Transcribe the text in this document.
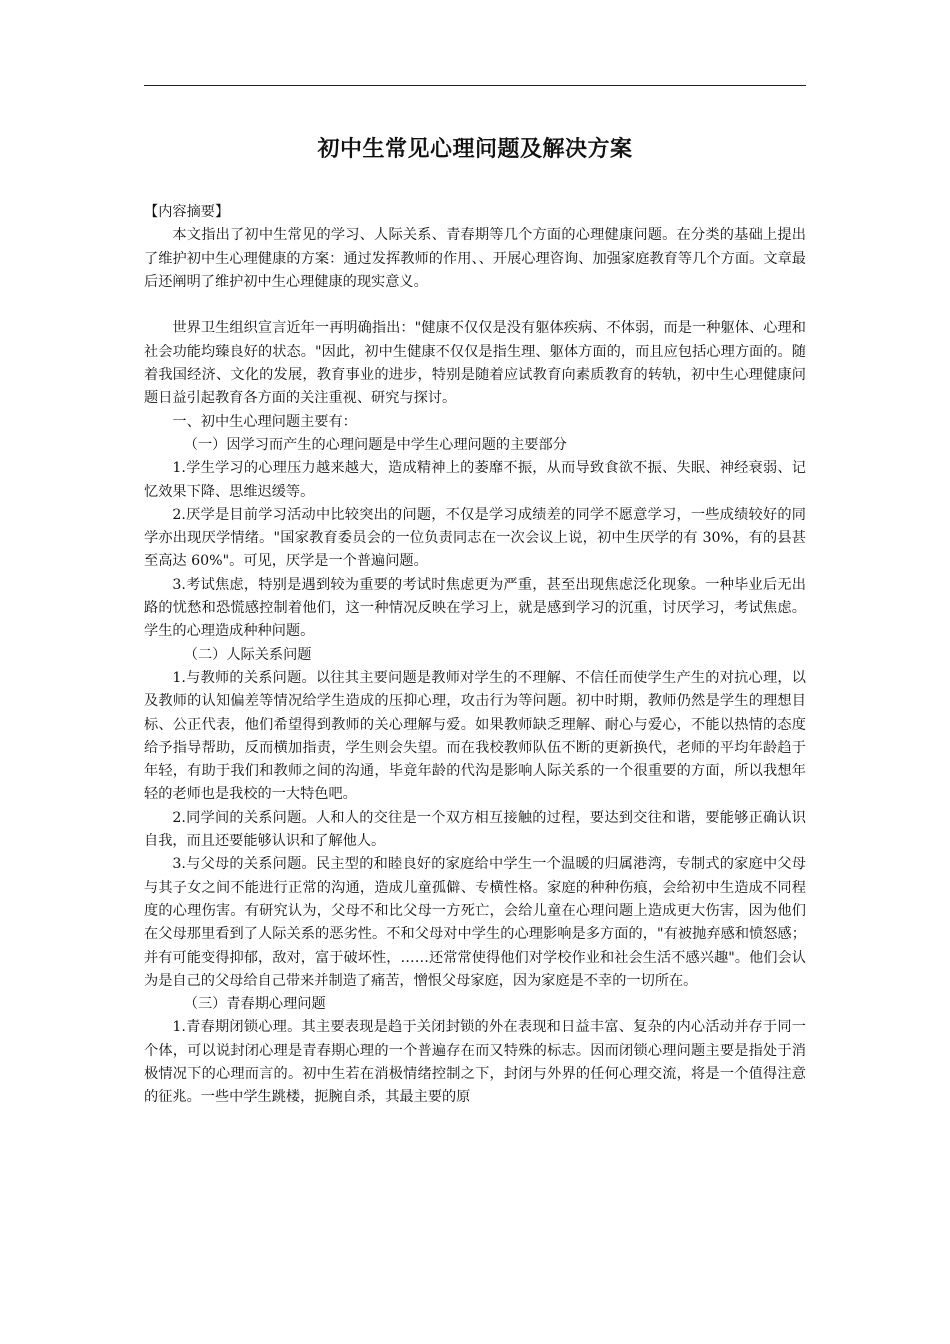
初中生常见心理问题及解决方案

【内容摘要】

本文指出了初中生常见的学习、人际关系、青春期等几个方面的心理健康问题。在分类的基础上提出了维护初中生心理健康的方案：通过发挥教师的作用、、开展心理咨询、加强家庭教育等几个方面。文章最后还阐明了维护初中生心理健康的现实意义。

世界卫生组织宣言近年一再明确指出："健康不仅仅是没有躯体疾病、不体弱，而是一种躯体、心理和社会功能均臻良好的状态。"因此，初中生健康不仅仅是指生理、躯体方面的，而且应包括心理方面的。随着我国经济、文化的发展，教育事业的进步，特别是随着应试教育向素质教育的转轨，初中生心理健康问题日益引起教育各方面的关注重视、研究与探讨。

一、初中生心理问题主要有：

（一）因学习而产生的心理问题是中学生心理问题的主要部分

1.学生学习的心理压力越来越大，造成精神上的萎靡不振，从而导致食欲不振、失眠、神经衰弱、记忆效果下降、思维迟缓等。

2.厌学是目前学习活动中比较突出的问题，不仅是学习成绩差的同学不愿意学习，一些成绩较好的同学亦出现厌学情绪。"国家教育委员会的一位负责同志在一次会议上说，初中生厌学的有 30%，有的县甚至高达 60%"。可见，厌学是一个普遍问题。

3.考试焦虑，特别是遇到较为重要的考试时焦虑更为严重，甚至出现焦虑泛化现象。一种毕业后无出路的忧愁和恐慌感控制着他们，这一种情况反映在学习上，就是感到学习的沉重，讨厌学习，考试焦虑。学生的心理造成种种问题。

（二）人际关系问题

1.与教师的关系问题。以往其主要问题是教师对学生的不理解、不信任而使学生产生的对抗心理，以及教师的认知偏差等情况给学生造成的压抑心理，攻击行为等问题。初中时期，教师仍然是学生的理想目标、公正代表，他们希望得到教师的关心理解与爱。如果教师缺乏理解、耐心与爱心，不能以热情的态度给予指导帮助，反而横加指责，学生则会失望。而在我校教师队伍不断的更新换代，老师的平均年龄趋于年轻，有助于我们和教师之间的沟通，毕竟年龄的代沟是影响人际关系的一个很重要的方面，所以我想年轻的老师也是我校的一大特色吧。

2.同学间的关系问题。人和人的交往是一个双方相互接触的过程，要达到交往和谐，要能够正确认识自我，而且还要能够认识和了解他人。

3.与父母的关系问题。民主型的和睦良好的家庭给中学生一个温暖的归属港湾，专制式的家庭中父母与其子女之间不能进行正常的沟通，造成儿童孤僻、专横性格。家庭的种种伤痕，会给初中生造成不同程度的心理伤害。有研究认为，父母不和比父母一方死亡，会给儿童在心理问题上造成更大伤害，因为他们在父母那里看到了人际关系的恶劣性。不和父母对中学生的心理影响是多方面的，"有被抛弃感和愤怒感；并有可能变得抑郁，敌对，富于破坏性，……还常常使得他们对学校作业和社会生活不感兴趣"。他们会认为是自己的父母给自己带来并制造了痛苦，憎恨父母家庭，因为家庭是不幸的一切所在。

（三）青春期心理问题

1.青春期闭锁心理。其主要表现是趋于关闭封锁的外在表现和日益丰富、复杂的内心活动并存于同一个体，可以说封闭心理是青春期心理的一个普遍存在而又特殊的标志。因而闭锁心理问题主要是指处于消极情况下的心理而言的。初中生若在消极情绪控制之下，封闭与外界的任何心理交流，将是一个值得注意的征兆。一些中学生跳楼，扼腕自杀，其最主要的原
